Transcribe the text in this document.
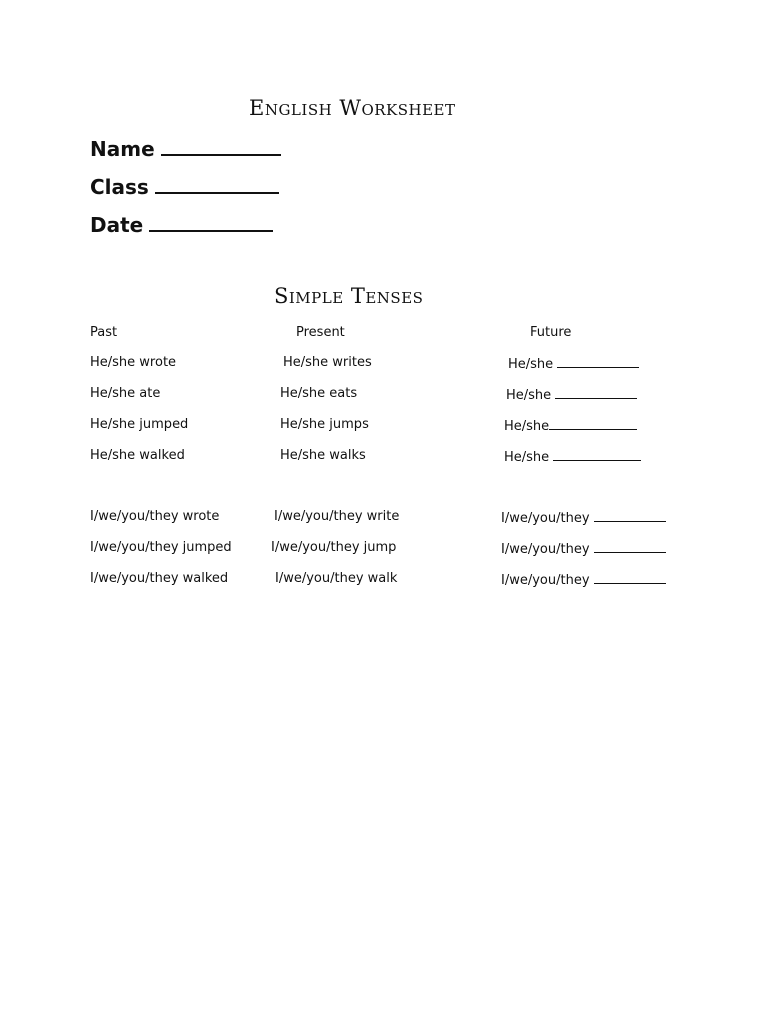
English Worksheet
Name
Class
Date
Simple Tenses
Past	Present	Future
He/she wrote	He/she writes	He/she
He/she ate	He/she eats	He/she
He/she jumped	He/she jumps	He/she
He/she walked	He/she walks	He/she
I/we/you/they wrote	I/we/you/they write	I/we/you/they
I/we/you/they jumped	I/we/you/they jump	I/we/you/they
I/we/you/they walked	I/we/you/they walk	I/we/you/they
